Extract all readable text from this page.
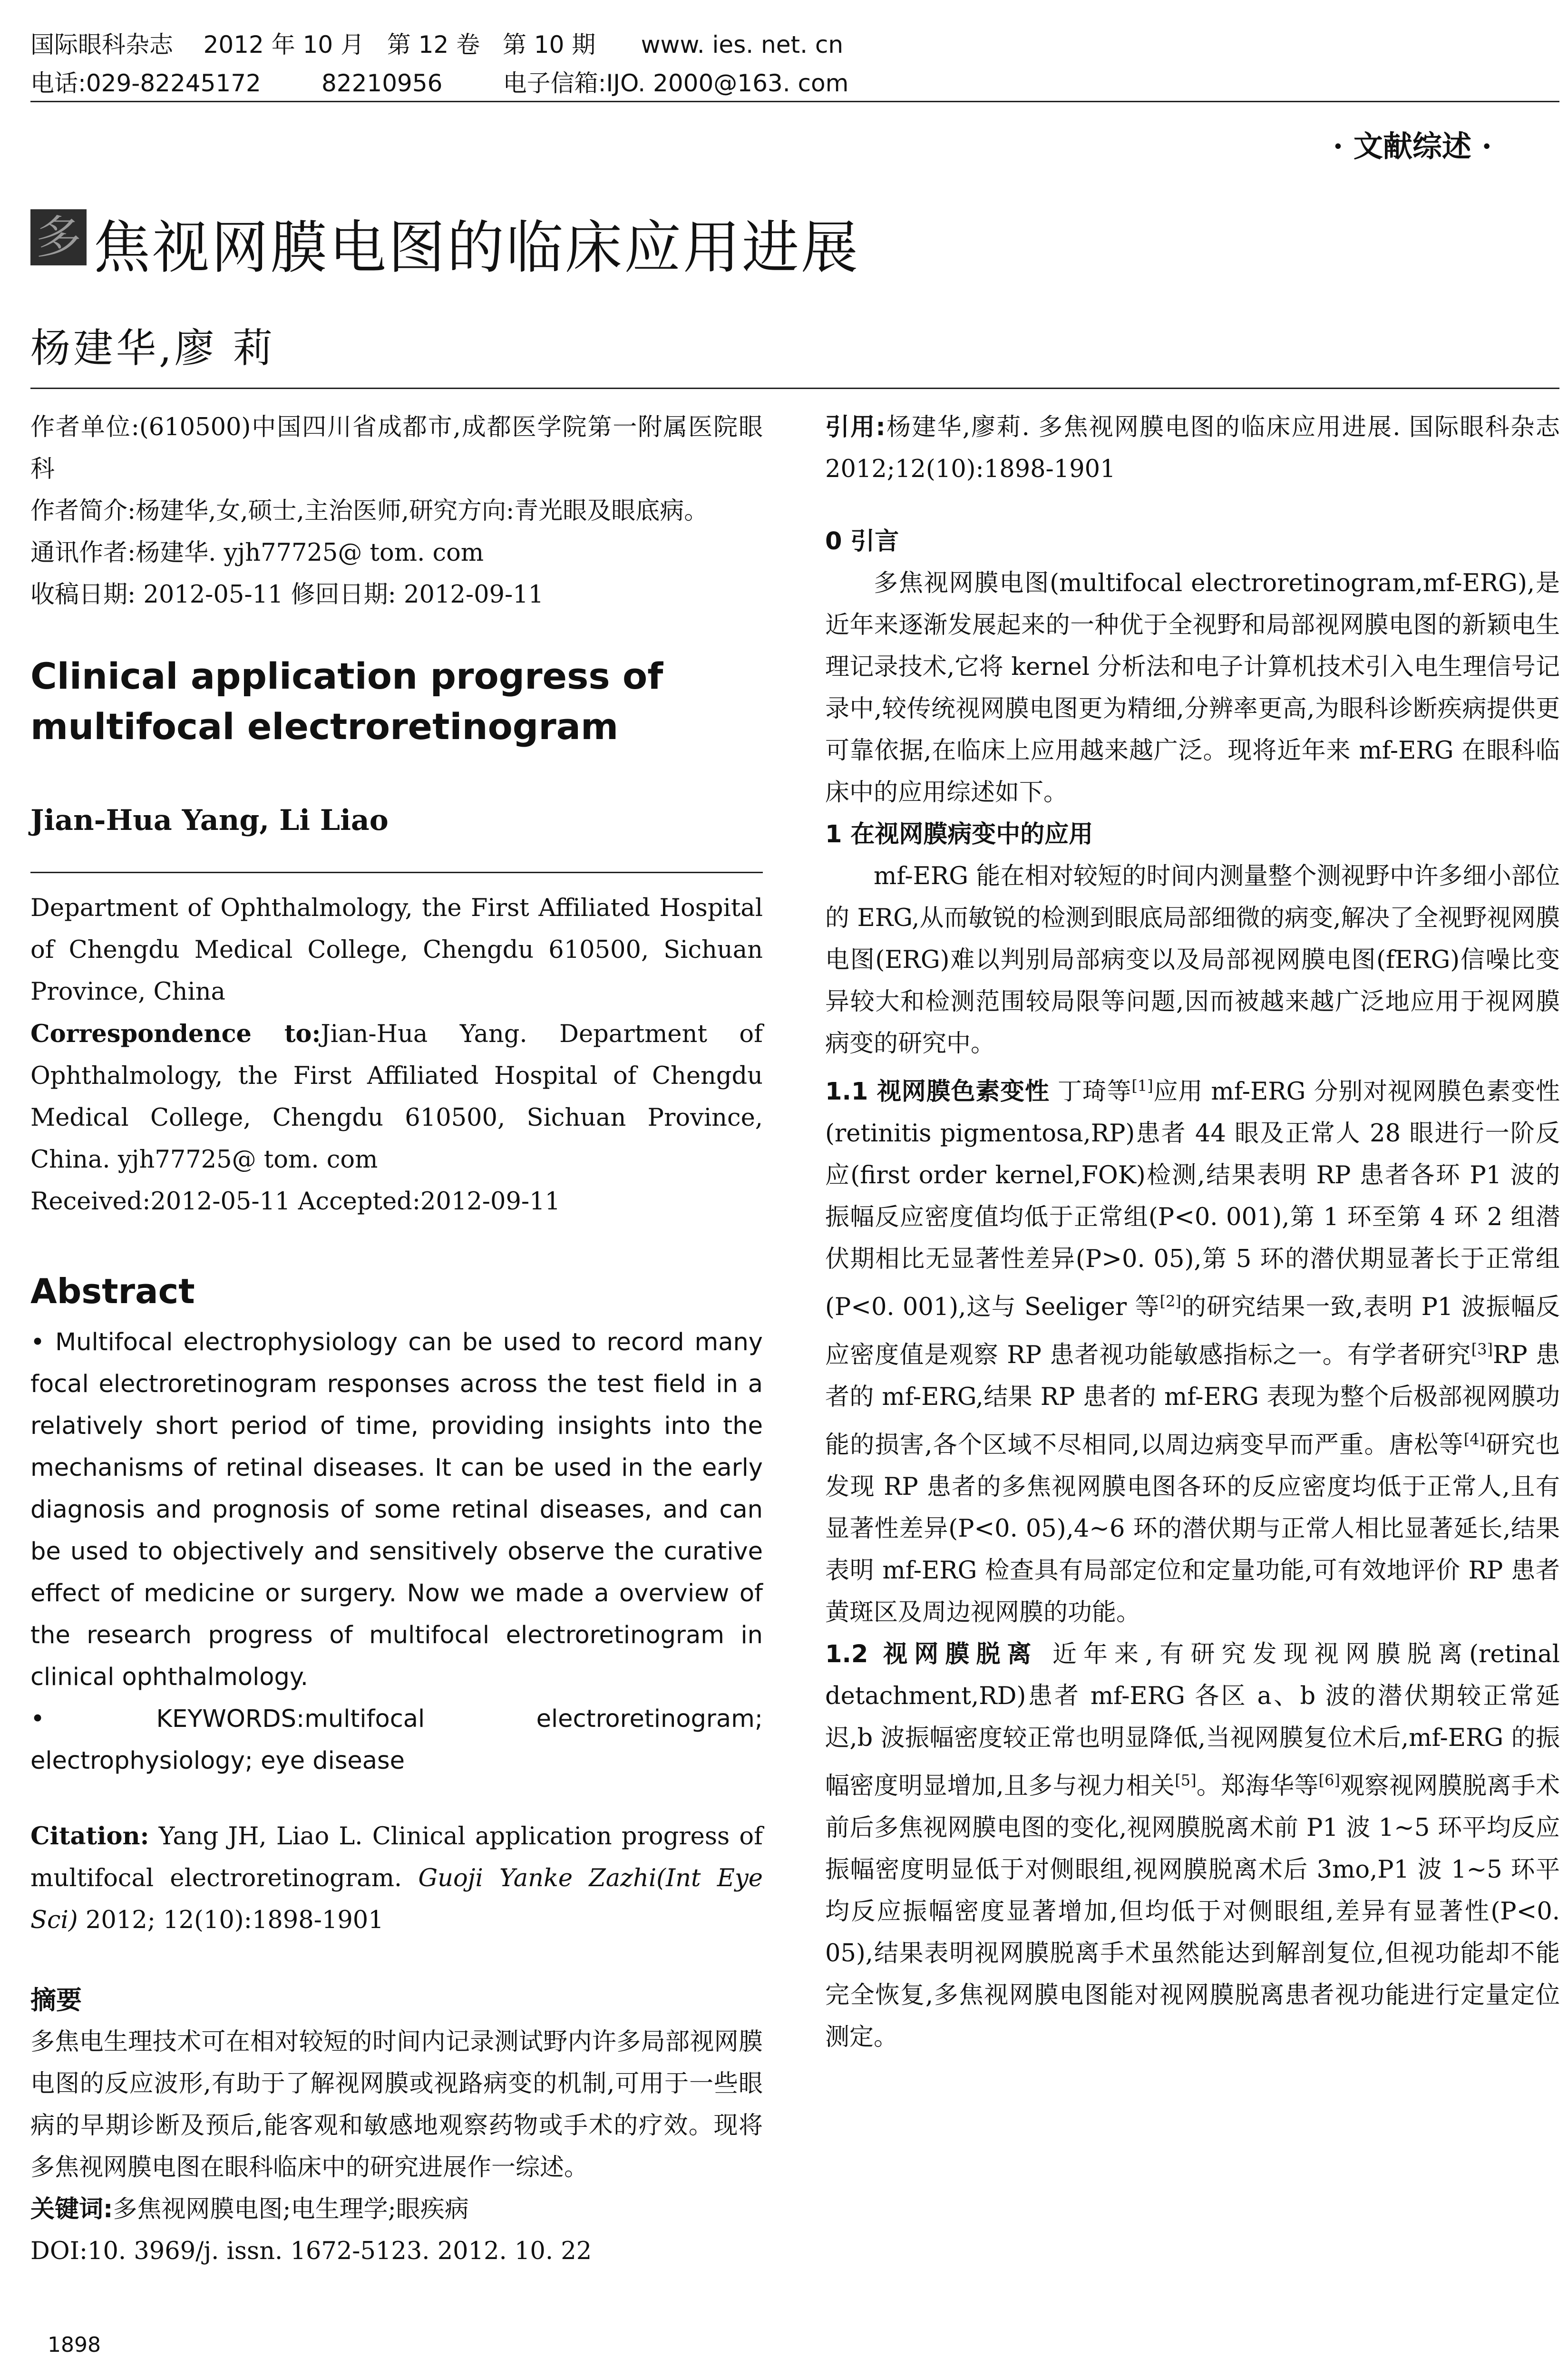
国际眼科杂志    2012 年 10 月   第 12 卷   第 10 期      www. ies. net. cn
电话:029-82245172        82210956        电子信箱:IJO. 2000@163. com
· 文献综述 ·
多 焦视网膜电图的临床应用进展
杨建华,廖 莉

作者单位:(610500)中国四川省成都市,成都医学院第一附属医院眼科

作者简介:杨建华,女,硕士,主治医师,研究方向:青光眼及眼底病。

通讯作者:杨建华. yjh77725@ tom. com

收稿日期: 2012-05-11 修回日期: 2012-09-11

Clinical application progress of multifocal electroretinogram
Jian-Hua Yang, Li Liao

Department of Ophthalmology, the First Affiliated Hospital of Chengdu Medical College, Chengdu 610500, Sichuan Province, China

Correspondence to:Jian-Hua Yang. Department of Ophthalmology, the First Affiliated Hospital of Chengdu Medical College, Chengdu 610500, Sichuan Province, China. yjh77725@ tom. com

Received:2012-05-11 Accepted:2012-09-11

Abstract

• Multifocal electrophysiology can be used to record many focal electroretinogram responses across the test field in a relatively short period of time, providing insights into the mechanisms of retinal diseases. It can be used in the early diagnosis and prognosis of some retinal diseases, and can be used to objectively and sensitively observe the curative effect of medicine or surgery. Now we made a overview of the research progress of multifocal electroretinogram in clinical ophthalmology.

• KEYWORDS:multifocal electroretinogram; electrophysiology; eye disease

Citation: Yang JH, Liao L. Clinical application progress of multifocal electroretinogram. Guoji Yanke Zazhi(Int Eye Sci) 2012; 12(10):1898-1901

摘要

多焦电生理技术可在相对较短的时间内记录测试野内许多局部视网膜电图的反应波形,有助于了解视网膜或视路病变的机制,可用于一些眼病的早期诊断及预后,能客观和敏感地观察药物或手术的疗效。现将多焦视网膜电图在眼科临床中的研究进展作一综述。

关键词:多焦视网膜电图;电生理学;眼疾病

DOI:10. 3969/j. issn. 1672-5123. 2012. 10. 22

引用:杨建华,廖莉. 多焦视网膜电图的临床应用进展. 国际眼科杂志 2012;12(10):1898-1901

0 引言

多焦视网膜电图(multifocal electroretinogram,mf-ERG),是近年来逐渐发展起来的一种优于全视野和局部视网膜电图的新颖电生理记录技术,它将 kernel 分析法和电子计算机技术引入电生理信号记录中,较传统视网膜电图更为精细,分辨率更高,为眼科诊断疾病提供更可靠依据,在临床上应用越来越广泛。现将近年来 mf-ERG 在眼科临床中的应用综述如下。

1 在视网膜病变中的应用

mf-ERG 能在相对较短的时间内测量整个测视野中许多细小部位的 ERG,从而敏锐的检测到眼底局部细微的病变,解决了全视野视网膜电图(ERG)难以判别局部病变以及局部视网膜电图(fERG)信噪比变异较大和检测范围较局限等问题,因而被越来越广泛地应用于视网膜病变的研究中。

1.1 视网膜色素变性 丁琦等[1]应用 mf-ERG 分别对视网膜色素变性(retinitis pigmentosa,RP)患者 44 眼及正常人 28 眼进行一阶反应(first order kernel,FOK)检测,结果表明 RP 患者各环 P1 波的振幅反应密度值均低于正常组(P<0. 001),第 1 环至第 4 环 2 组潜伏期相比无显著性差异(P>0. 05),第 5 环的潜伏期显著长于正常组(P<0. 001),这与 Seeliger 等[2]的研究结果一致,表明 P1 波振幅反应密度值是观察 RP 患者视功能敏感指标之一。有学者研究[3]RP 患者的 mf-ERG,结果 RP 患者的 mf-ERG 表现为整个后极部视网膜功能的损害,各个区域不尽相同,以周边病变早而严重。唐松等[4]研究也发现 RP 患者的多焦视网膜电图各环的反应密度均低于正常人,且有显著性差异(P<0. 05),4~6 环的潜伏期与正常人相比显著延长,结果表明 mf-ERG 检查具有局部定位和定量功能,可有效地评价 RP 患者黄斑区及周边视网膜的功能。

1.2 视网膜脱离 近年来,有研究发现视网膜脱离(retinal detachment,RD)患者 mf-ERG 各区 a、b 波的潜伏期较正常延迟,b 波振幅密度较正常也明显降低,当视网膜复位术后,mf-ERG 的振幅密度明显增加,且多与视力相关[5]。郑海华等[6]观察视网膜脱离手术前后多焦视网膜电图的变化,视网膜脱离术前 P1 波 1~5 环平均反应振幅密度明显低于对侧眼组,视网膜脱离术后 3mo,P1 波 1~5 环平均反应振幅密度显著增加,但均低于对侧眼组,差异有显著性(P<0. 05),结果表明视网膜脱离手术虽然能达到解剖复位,但视功能却不能完全恢复,多焦视网膜电图能对视网膜脱离患者视功能进行定量定位测定。

1898
